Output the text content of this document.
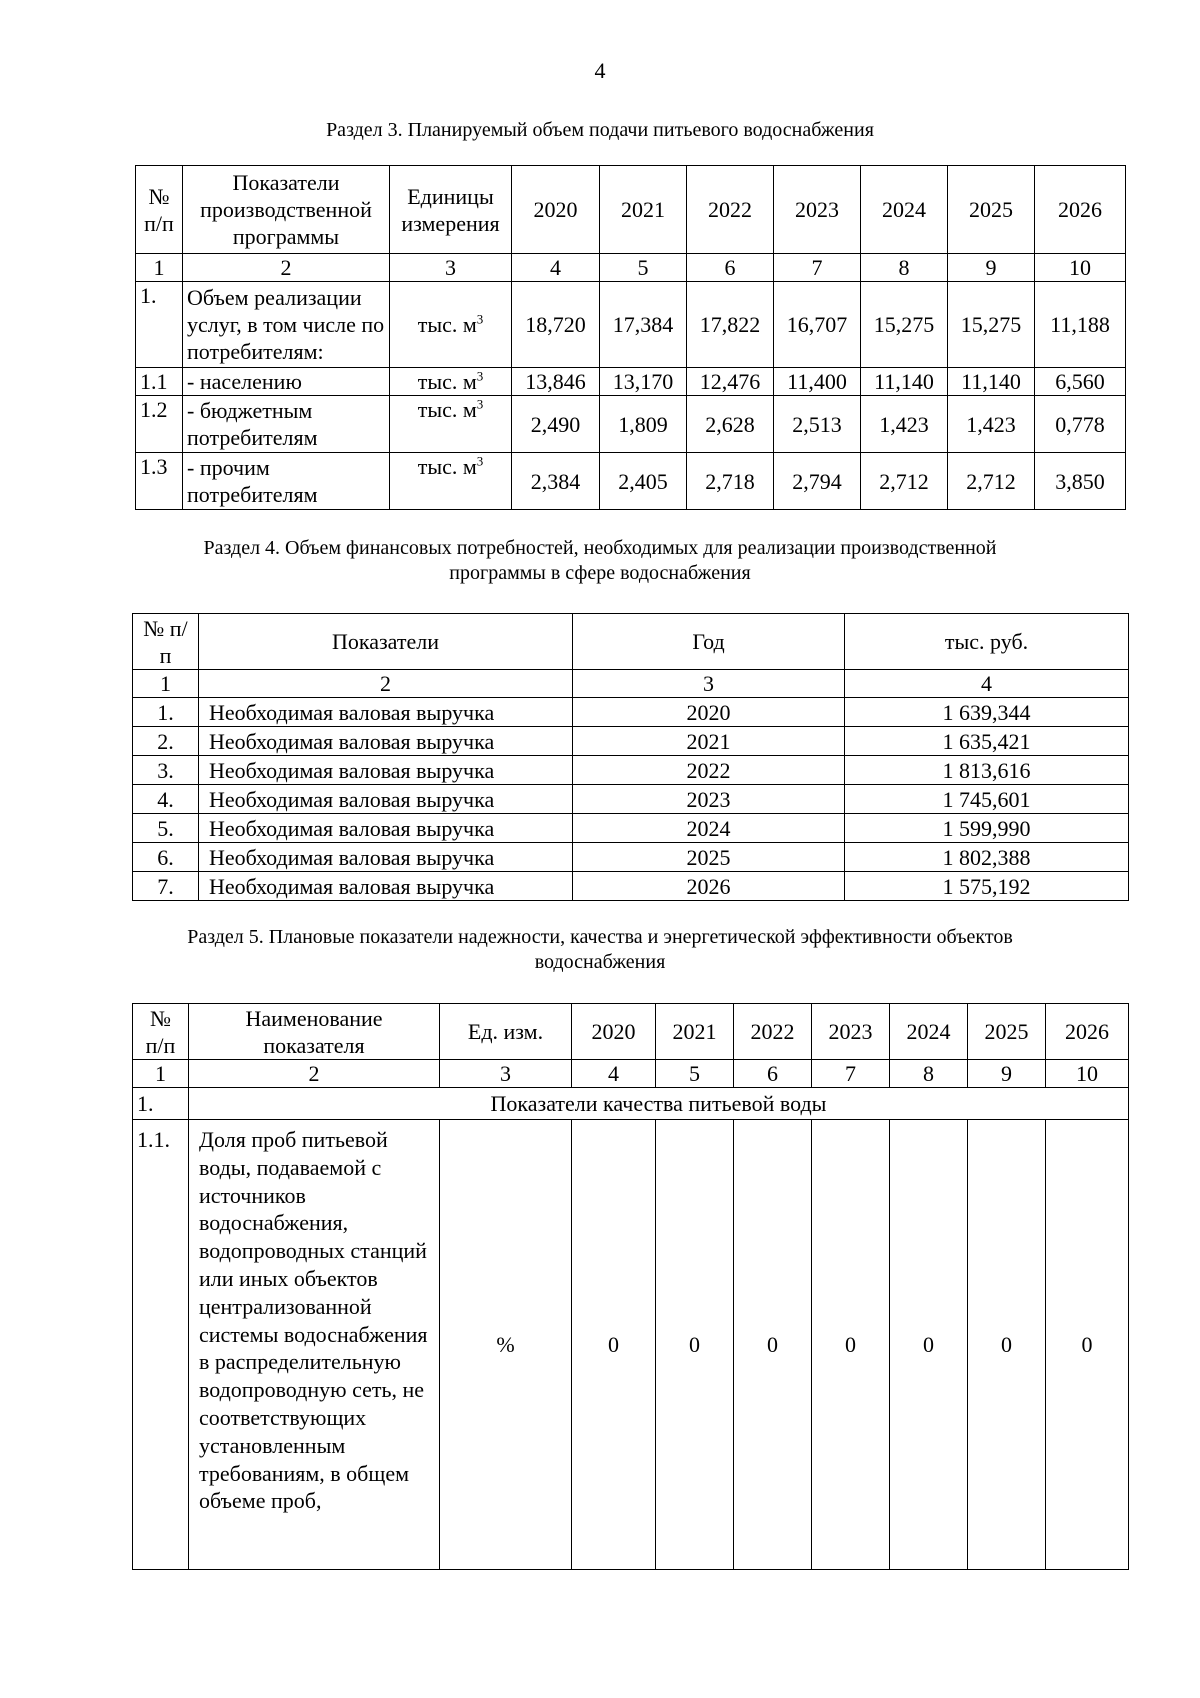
4
Раздел 3. Планируемый объем подачи питьевого водоснабжения
№ п/п	Показатели производственной программы	Единицы измерения	2020	2021	2022	2023	2024	2025	2026
1	2	3	4	5	6	7	8	9	10
1.	Объем реализации услуг, в том числе по потребителям:	тыс. $м^3$	18,720	17,384	17,822	16,707	15,275	15,275	11,188
1.1	- населению	тыс. $м^3$	13,846	13,170	12,476	11,400	11,140	11,140	6,560
1.2	- бюджетным потребителям	тыс. $м^3$	2,490	1,809	2,628	2,513	1,423	1,423	0,778
1.3	- прочим потребителям	тыс. $м^3$	2,384	2,405	2,718	2,794	2,712	2,712	3,850
Раздел 4. Объем финансовых потребностей, необходимых для реализации производственной
программы в сфере водоснабжения
№ п/п	Показатели	Год	тыс. руб.
1	2	3	4
1.	Необходимая валовая выручка	2020	1 639,344
2.	Необходимая валовая выручка	2021	1 635,421
3.	Необходимая валовая выручка	2022	1 813,616
4.	Необходимая валовая выручка	2023	1 745,601
5.	Необходимая валовая выручка	2024	1 599,990
6.	Необходимая валовая выручка	2025	1 802,388
7.	Необходимая валовая выручка	2026	1 575,192
Раздел 5. Плановые показатели надежности, качества и энергетической эффективности объектов
водоснабжения
№ п/п	Наименование показателя	Ед. изм.	2020	2021	2022	2023	2024	2025	2026
1	2	3	4	5	6	7	8	9	10
1.	Показатели качества питьевой воды								
1.1.	Доля проб питьевой воды, подаваемой с источников водоснабжения, водопроводных станций или иных объектов централизованной системы водоснабжения в распределительную водопроводную сеть, не соответствующих установленным требованиям, в общем объеме проб,	%	0	0	0	0	0	0	0
